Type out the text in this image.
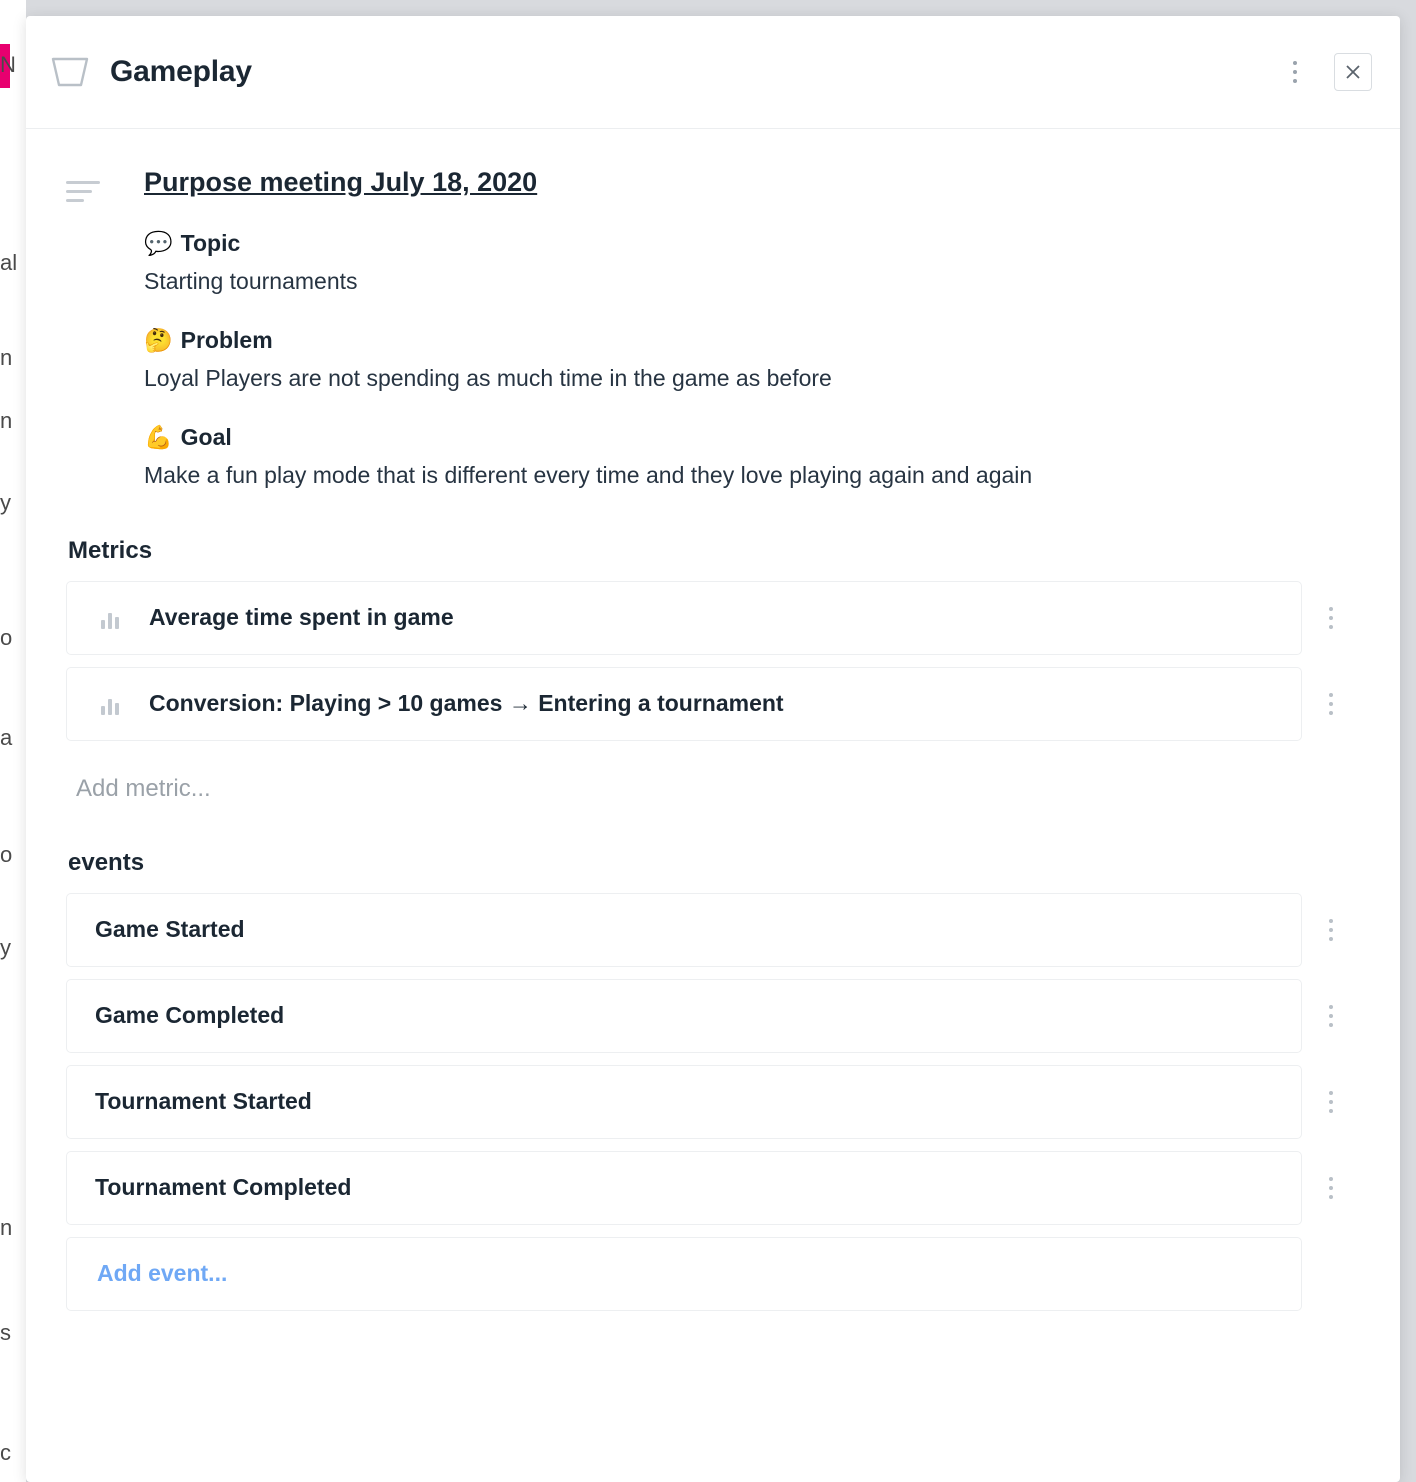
N
al
n
n
y
o
a
o
y
n
s
c
Gameplay
Purpose meeting July 18, 2020
💬 Topic
Starting tournaments
🤔 Problem
Loyal Players are not spending as much time in the game as before
💪 Goal
Make a fun play mode that is different every time and they love playing again and again
Metrics
Average time spent in game
Conversion: Playing > 10 games → Entering a tournament
Add metric...
events
Game Started
Game Completed
Tournament Started
Tournament Completed
Add event...
